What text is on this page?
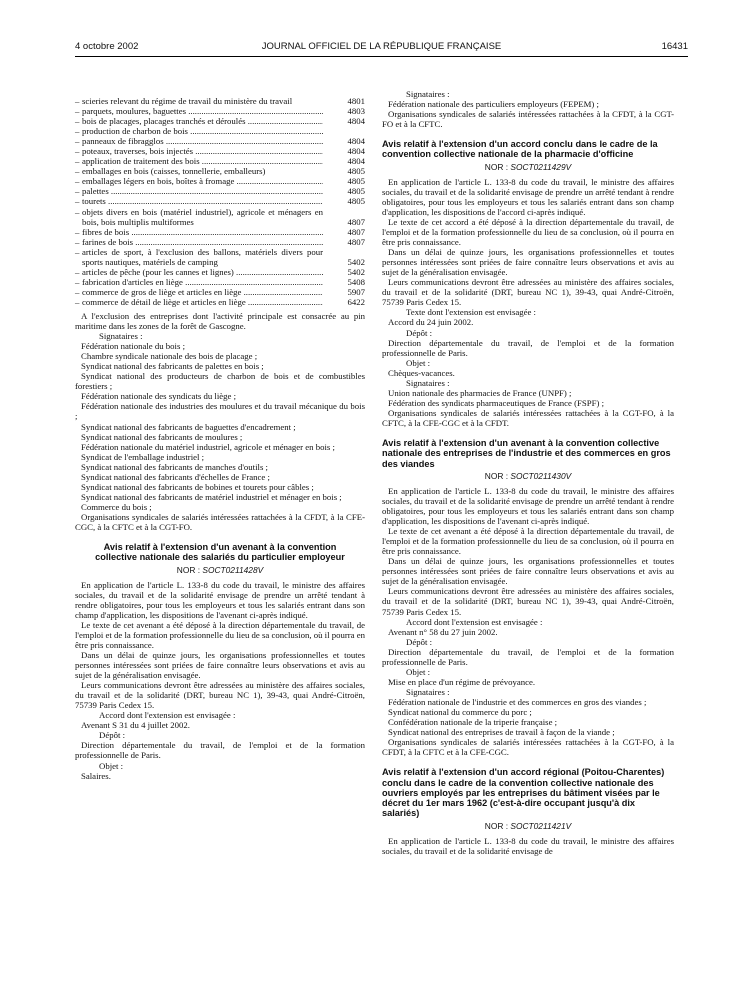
4 octobre 2002	JOURNAL OFFICIEL DE LA RÉPUBLIQUE FRANÇAISE	16431
– scieries relevant du régime de travail du ministère du travail	4801
– parquets, moulures, baguettes .....	4803
– bois de placages, placages tranchés et déroulés .....	4804
– production de charbon de bois .....
– panneaux de fibragglos .....	4804
– poteaux, traverses, bois injectés .....	4804
– application de traitement des bois .....	4804
– emballages en bois (caisses, tonnellerie, emballeurs)	4805
– emballages légers en bois, boîtes à fromage .....	4805
– palettes .....	4805
– tourets .....	4805
– objets divers en bois (matériel industriel), agricole et ménagers en bois, bois multiplis multiformes	4807
– fibres de bois .....	4807
– farines de bois .....	4807
– articles de sport, à l'exclusion des ballons, matériels divers pour sports nautiques, matériels de camping	5402
– articles de pêche (pour les cannes et lignes) .....	5402
– fabrication d'articles en liège .....	5408
– commerce de gros de liège et articles en liège .....	5907
– commerce de détail de liège et articles en liège .....	6422

A l'exclusion des entreprises dont l'activité principale est consacrée au pin maritime dans les zones de la forêt de Gascogne.

Signataires :

Fédération nationale du bois ;

Chambre syndicale nationale des bois de placage ;

Syndicat national des fabricants de palettes en bois ;

Syndicat national des producteurs de charbon de bois et de combustibles forestiers ;

Fédération nationale des syndicats du liège ;

Fédération nationale des industries des moulures et du travail mécanique du bois ;

Syndicat national des fabricants de baguettes d'encadrement ;

Syndicat national des fabricants de moulures ;

Fédération nationale du matériel industriel, agricole et ménager en bois ;

Syndicat de l'emballage industriel ;

Syndicat national des fabricants de manches d'outils ;

Syndicat national des fabricants d'échelles de France ;

Syndicat national des fabricants de bobines et tourets pour câbles ;

Syndicat national des fabricants de matériel industriel et ménager en bois ;

Commerce du bois ;

Organisations syndicales de salariés intéressées rattachées à la CFDT, à la CFE-CGC, à la CFTC et à la CGT-FO.

Avis relatif à l'extension d'un avenant à la convention collective nationale des salariés du particulier employeur
NOR : SOCT0211428V

En application de l'article L. 133-8 du code du travail, le ministre des affaires sociales, du travail et de la solidarité envisage de prendre un arrêté tendant à rendre obligatoires, pour tous les employeurs et tous les salariés entrant dans son champ d'application, les dispositions de l'avenant ci-après indiqué.

Le texte de cet avenant a été déposé à la direction départementale du travail, de l'emploi et de la formation professionnelle du lieu de sa conclusion, où il pourra en être pris connaissance.

Dans un délai de quinze jours, les organisations professionnelles et toutes personnes intéressées sont priées de faire connaître leurs observations et avis au sujet de la généralisation envisagée.

Leurs communications devront être adressées au ministère des affaires sociales, du travail et de la solidarité (DRT, bureau NC 1), 39-43, quai André-Citroën, 75739 Paris Cedex 15.

Accord dont l'extension est envisagée :

Avenant S 31 du 4 juillet 2002.

Dépôt :

Direction départementale du travail, de l'emploi et de la formation professionnelle de Paris.

Objet :

Salaires.

Signataires :

Fédération nationale des particuliers employeurs (FEPEM) ;

Organisations syndicales de salariés intéressées rattachées à la CFDT, à la CGT-FO et à la CFTC.

Avis relatif à l'extension d'un accord conclu dans le cadre de la convention collective nationale de la pharmacie d'officine
NOR : SOCT0211429V

En application de l'article L. 133-8 du code du travail, le ministre des affaires sociales, du travail et de la solidarité envisage de prendre un arrêté tendant à rendre obligatoires, pour tous les employeurs et tous les salariés entrant dans son champ d'application, les dispositions de l'accord ci-après indiqué.

Le texte de cet accord a été déposé à la direction départementale du travail, de l'emploi et de la formation professionnelle du lieu de sa conclusion, où il pourra en être pris connaissance.

Dans un délai de quinze jours, les organisations professionnelles et toutes personnes intéressées sont priées de faire connaître leurs observations et avis au sujet de la généralisation envisagée.

Leurs communications devront être adressées au ministère des affaires sociales, du travail et de la solidarité (DRT, bureau NC 1), 39-43, quai André-Citroën, 75739 Paris Cedex 15.

Texte dont l'extension est envisagée :

Accord du 24 juin 2002.

Dépôt :

Direction départementale du travail, de l'emploi et de la formation professionnelle de Paris.

Objet :

Chèques-vacances.

Signataires :

Union nationale des pharmacies de France (UNPF) ;

Fédération des syndicats pharmaceutiques de France (FSPF) ;

Organisations syndicales de salariés intéressées rattachées à la CGT-FO, à la CFTC, à la CFE-CGC et à la CFDT.

Avis relatif à l'extension d'un avenant à la convention collective nationale des entreprises de l'industrie et des commerces en gros des viandes
NOR : SOCT0211430V

En application de l'article L. 133-8 du code du travail, le ministre des affaires sociales, du travail et de la solidarité envisage de prendre un arrêté tendant à rendre obligatoires, pour tous les employeurs et tous les salariés entrant dans son champ d'application, les dispositions de l'avenant ci-après indiqué.

Le texte de cet avenant a été déposé à la direction départementale du travail, de l'emploi et de la formation professionnelle du lieu de sa conclusion, où il pourra en être pris connaissance.

Dans un délai de quinze jours, les organisations professionnelles et toutes personnes intéressées sont priées de faire connaître leurs observations et avis au sujet de la généralisation envisagée.

Leurs communications devront être adressées au ministère des affaires sociales, du travail et de la solidarité (DRT, bureau NC 1), 39-43, quai André-Citroën, 75739 Paris Cedex 15.

Accord dont l'extension est envisagée :

Avenant n° 58 du 27 juin 2002.

Dépôt :

Direction départementale du travail, de l'emploi et de la formation professionnelle de Paris.

Objet :

Mise en place d'un régime de prévoyance.

Signataires :

Fédération nationale de l'industrie et des commerces en gros des viandes ;

Syndicat national du commerce du porc ;

Confédération nationale de la triperie française ;

Syndicat national des entreprises de travail à façon de la viande ;

Organisations syndicales de salariés intéressées rattachées à la CGT-FO, à la CFDT, à la CFTC et à la CFE-CGC.

Avis relatif à l'extension d'un accord régional (Poitou-Charentes) conclu dans le cadre de la convention collective nationale des ouvriers employés par les entreprises du bâtiment visées par le décret du 1er mars 1962 (c'est-à-dire occupant jusqu'à dix salariés)
NOR : SOCT0211421V

En application de l'article L. 133-8 du code du travail, le ministre des affaires sociales, du travail et de la solidarité envisage de
